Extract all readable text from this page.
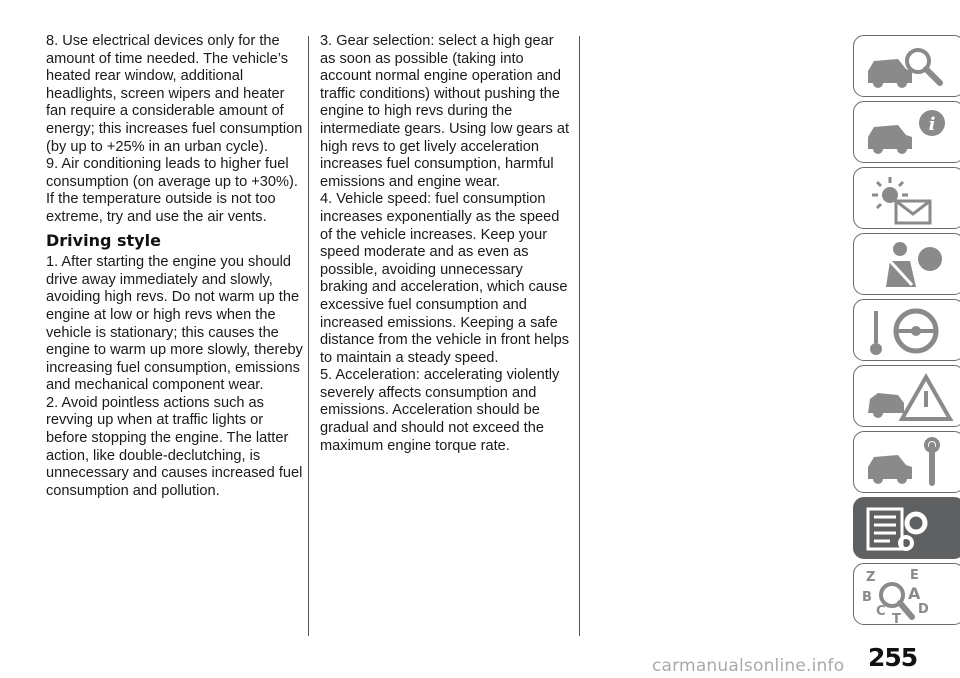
8. Use electrical devices only for the amount of time needed. The vehicle’s heated rear window, additional headlights, screen wipers and heater fan require a considerable amount of energy; this increases fuel consumption (by up to +25% in an urban cycle).

9. Air conditioning leads to higher fuel consumption (on average up to +30%). If the temperature outside is not too extreme, try and use the air vents.

Driving style

1. After starting the engine you should drive away immediately and slowly, avoiding high revs. Do not warm up the engine at low or high revs when the vehicle is stationary; this causes the engine to warm up more slowly, thereby increasing fuel consumption, emissions and mechanical component wear.

2. Avoid pointless actions such as revving up when at traffic lights or before stopping the engine. The latter action, like double-declutching, is unnecessary and causes increased fuel consumption and pollution.

3. Gear selection: select a high gear as soon as possible (taking into account normal engine operation and traffic conditions) without pushing the engine to high revs during the intermediate gears. Using low gears at high revs to get lively acceleration increases fuel consumption, harmful emissions and engine wear.

4. Vehicle speed: fuel consumption increases exponentially as the speed of the vehicle increases. Keep your speed moderate and as even as possible, avoiding unnecessary braking and acceleration, which cause excessive fuel consumption and increased emissions. Keeping a safe distance from the vehicle in front helps to maintain a steady speed.

5. Acceleration: accelerating violently severely affects consumption and emissions. Acceleration should be gradual and should not exceed the maximum engine torque rate.

i
Z	E
B A
C D
T
255
carmanualsonline.info
